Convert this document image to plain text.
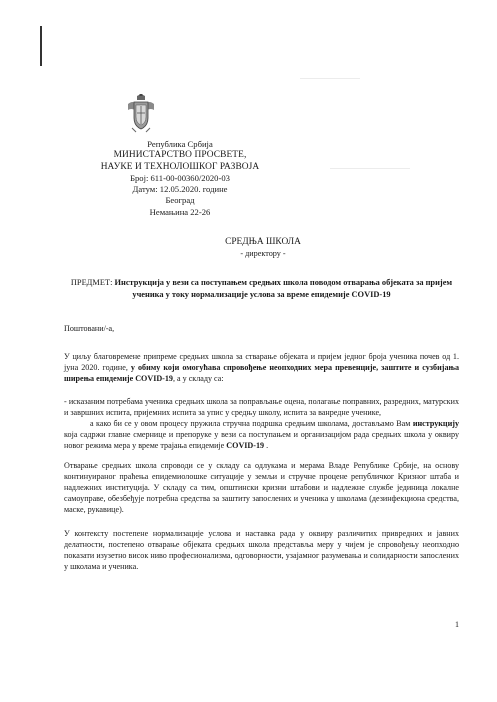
Република Србија
МИНИСТАРСТВО ПРОСВЕТЕ,
НАУКЕ И ТЕХНОЛОШКОГ РАЗВОЈА
Број: 611-00-00360/2020-03
Датум: 12.05.2020. године
Београд
Немањина 22-26
СРЕДЊА ШКОЛА
- директору -
ПРЕДМЕТ: Инструкција у вези са поступањем средњих школа поводом отварања објеката за пријем ученика у току нормализације услова за време епидемије COVID-19
Поштовани/-а,
У циљу благовремене припреме средњих школа за стварање објеката и пријем једног броја ученика почев од 1. јуна 2020. године, у обиму који омогућава спровођење неопходних мера превенције, заштите и сузбијања ширења епидемије COVID-19, а у складу са:
- исказаним потребама ученика средњих школа за поправљање оцена, полагање поправних, разредних, матурских и завршних испита, пријемних испита за упис у средњу школу, испита за ванредне ученике,
а како би се у овом процесу пружила стручна подршка средњим школама, достављамо Вам инструкцију која садржи главне смернице и препоруке у вези са поступањем и организацијом рада средњих школа у оквиру новог режима мера у време трајања епидемије COVID-19 .
Отварање средњих школа спроводи се у складу са одлукама и мерама Владе Републике Србије, на основу континуираног праћења епидемиолошке ситуације у земљи и стручне процене републичког Кризног штаба и надлежних институција. У складу са тим, општински кризни штабови и надлежне службе јединица локалне самоуправе, обезбеђује потребна средства за заштиту запослених и ученика у школама (дезинфекциона средства, маске, рукавице).
У контексту постепене нормализације услова и наставка рада у оквиру различитих привредних и јавних делатности, постепено отварање објеката средњих школа представља меру у чијем је спровођењу неопходно показати изузетно висок ниво професионализма, одговорности, узајамног разумевања и солидарности запослених у школама и ученика.
1
